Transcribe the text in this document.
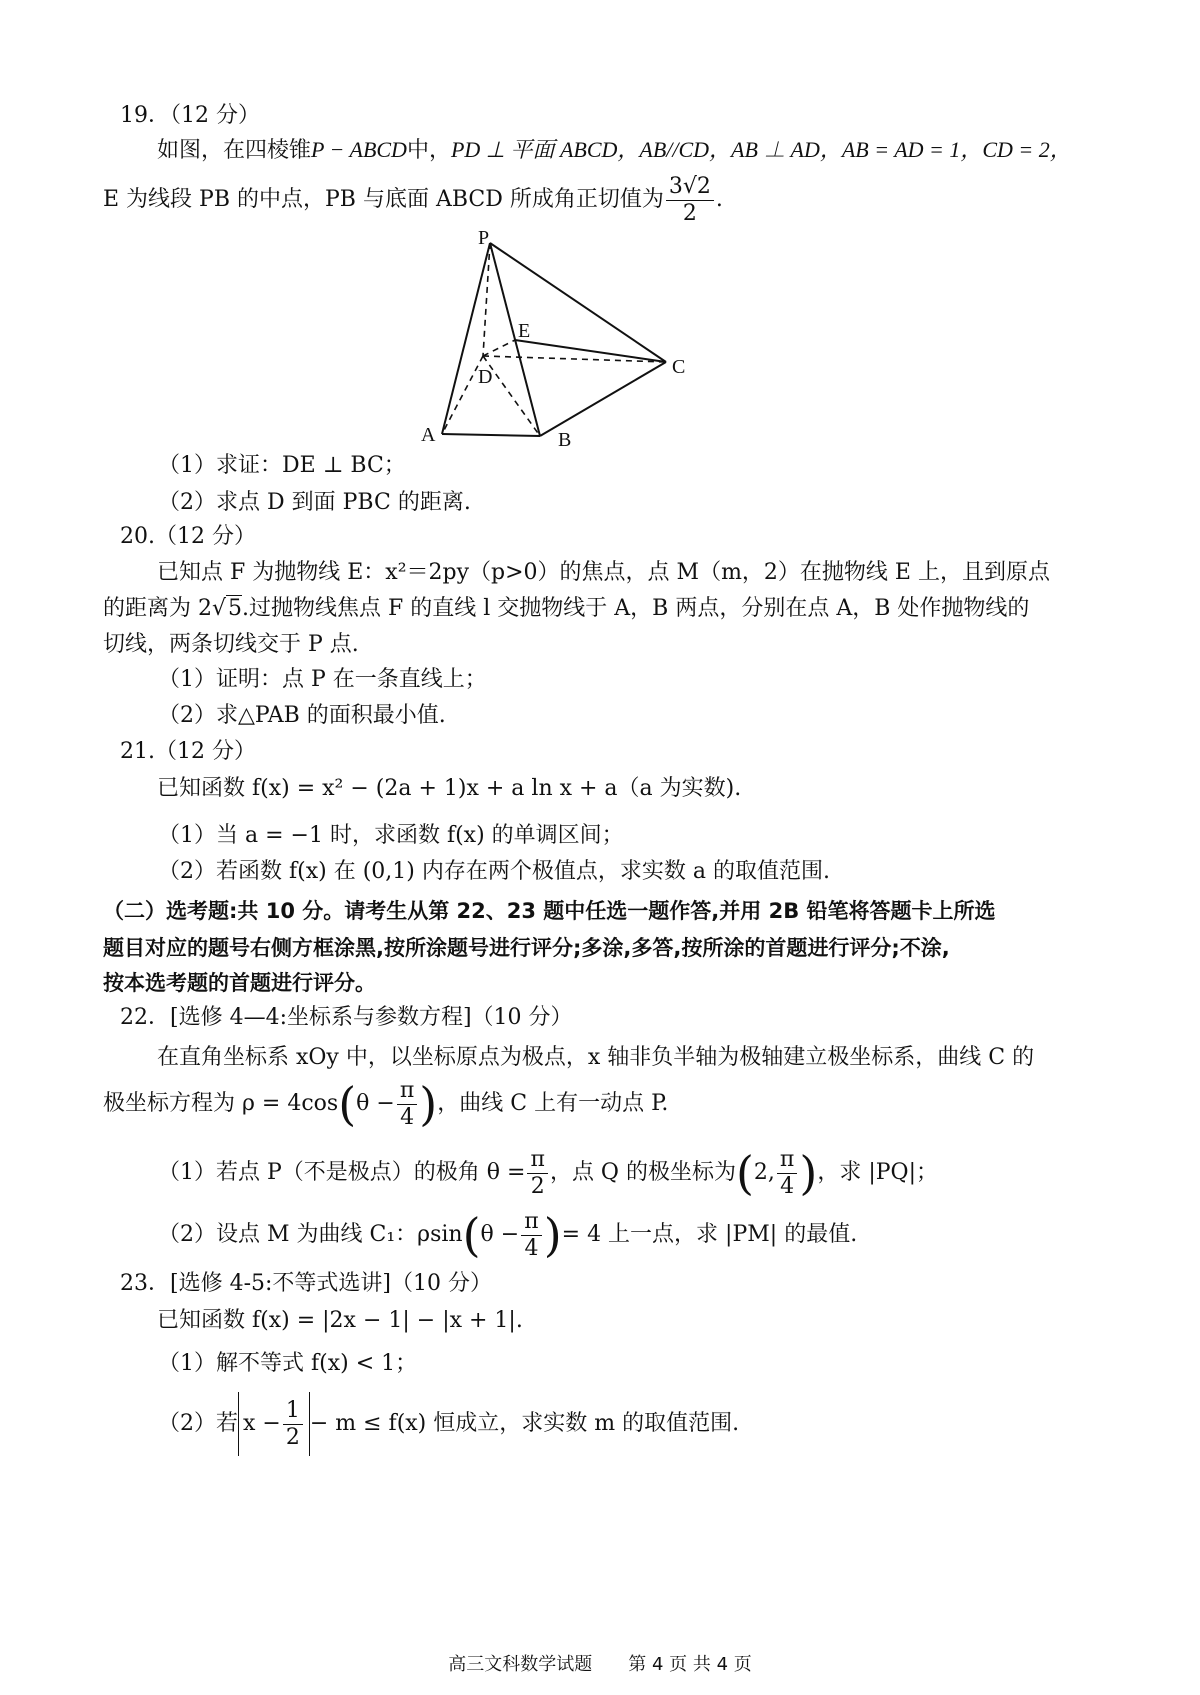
19．（12 分）
如图，在四棱锥P − ABCD中，PD ⊥ 平面 ABCD，AB//CD，AB ⊥ AD，AB = AD = 1，CD = 2，
E 为线段 PB 的中点，PB 与底面 ABCD 所成角正切值为 $\frac{3√2}{2}$ .
P
E
D	C
A	B
（1）求证：DE ⊥ BC；
（2）求点 D 到面 PBC 的距离.
20.（12 分）
已知点 F 为抛物线 E：x²＝2py（p>0）的焦点，点 M（m，2）在抛物线 E 上，且到原点
的距离为 2√5.过抛物线焦点 F 的直线 l 交抛物线于 A，B 两点，分别在点 A，B 处作抛物线的
切线，两条切线交于 P 点.
（1）证明：点 P 在一条直线上；
（2）求△PAB 的面积最小值.
21.（12 分）
已知函数 f(x) = x² − (2a + 1)x + a ln x + a（a 为实数).
（1）当 a = −1 时，求函数 f(x) 的单调区间；
（2）若函数 f(x) 在 (0,1) 内存在两个极值点，求实数 a 的取值范围.
（二）选考题:共 10 分。请考生从第 22、23 题中任选一题作答,并用 2B 铅笔将答题卡上所选
题目对应的题号右侧方框涂黑,按所涂题号进行评分;多涂,多答,按所涂的首题进行评分;不涂,
按本选考题的首题进行评分。
22．[选修 4—4:坐标系与参数方程]（10 分）
在直角坐标系 xOy 中，以坐标原点为极点，x 轴非负半轴为极轴建立极坐标系，曲线 C 的
极坐标方程为 $\rho = 4\cos(\theta - \frac{\pi}{4}$ )，曲线 C 上有一动点 P.
（1）若点 P（不是极点）的极角 $\theta = \frac{\pi}{2}$ ，点 Q 的极坐标为(2, $\frac{\pi}{4}$ )，求 |PQ|；
（2）设点 M 为曲线 C₁：$\rho\sin(\theta - \frac{\pi}{4}$ )= 4 上一点，求 |PM| 的最值.
23．[选修 4-5:不等式选讲]（10 分）
已知函数 f(x) = |2x − 1| − |x + 1|.
（1）解不等式 f(x) < 1；
（2）若 $x - \frac{1}{2} - m \le f(x)$ 恒成立，求实数 m 的取值范围.
高三文科数学试题　　第 4 页 共 4 页
